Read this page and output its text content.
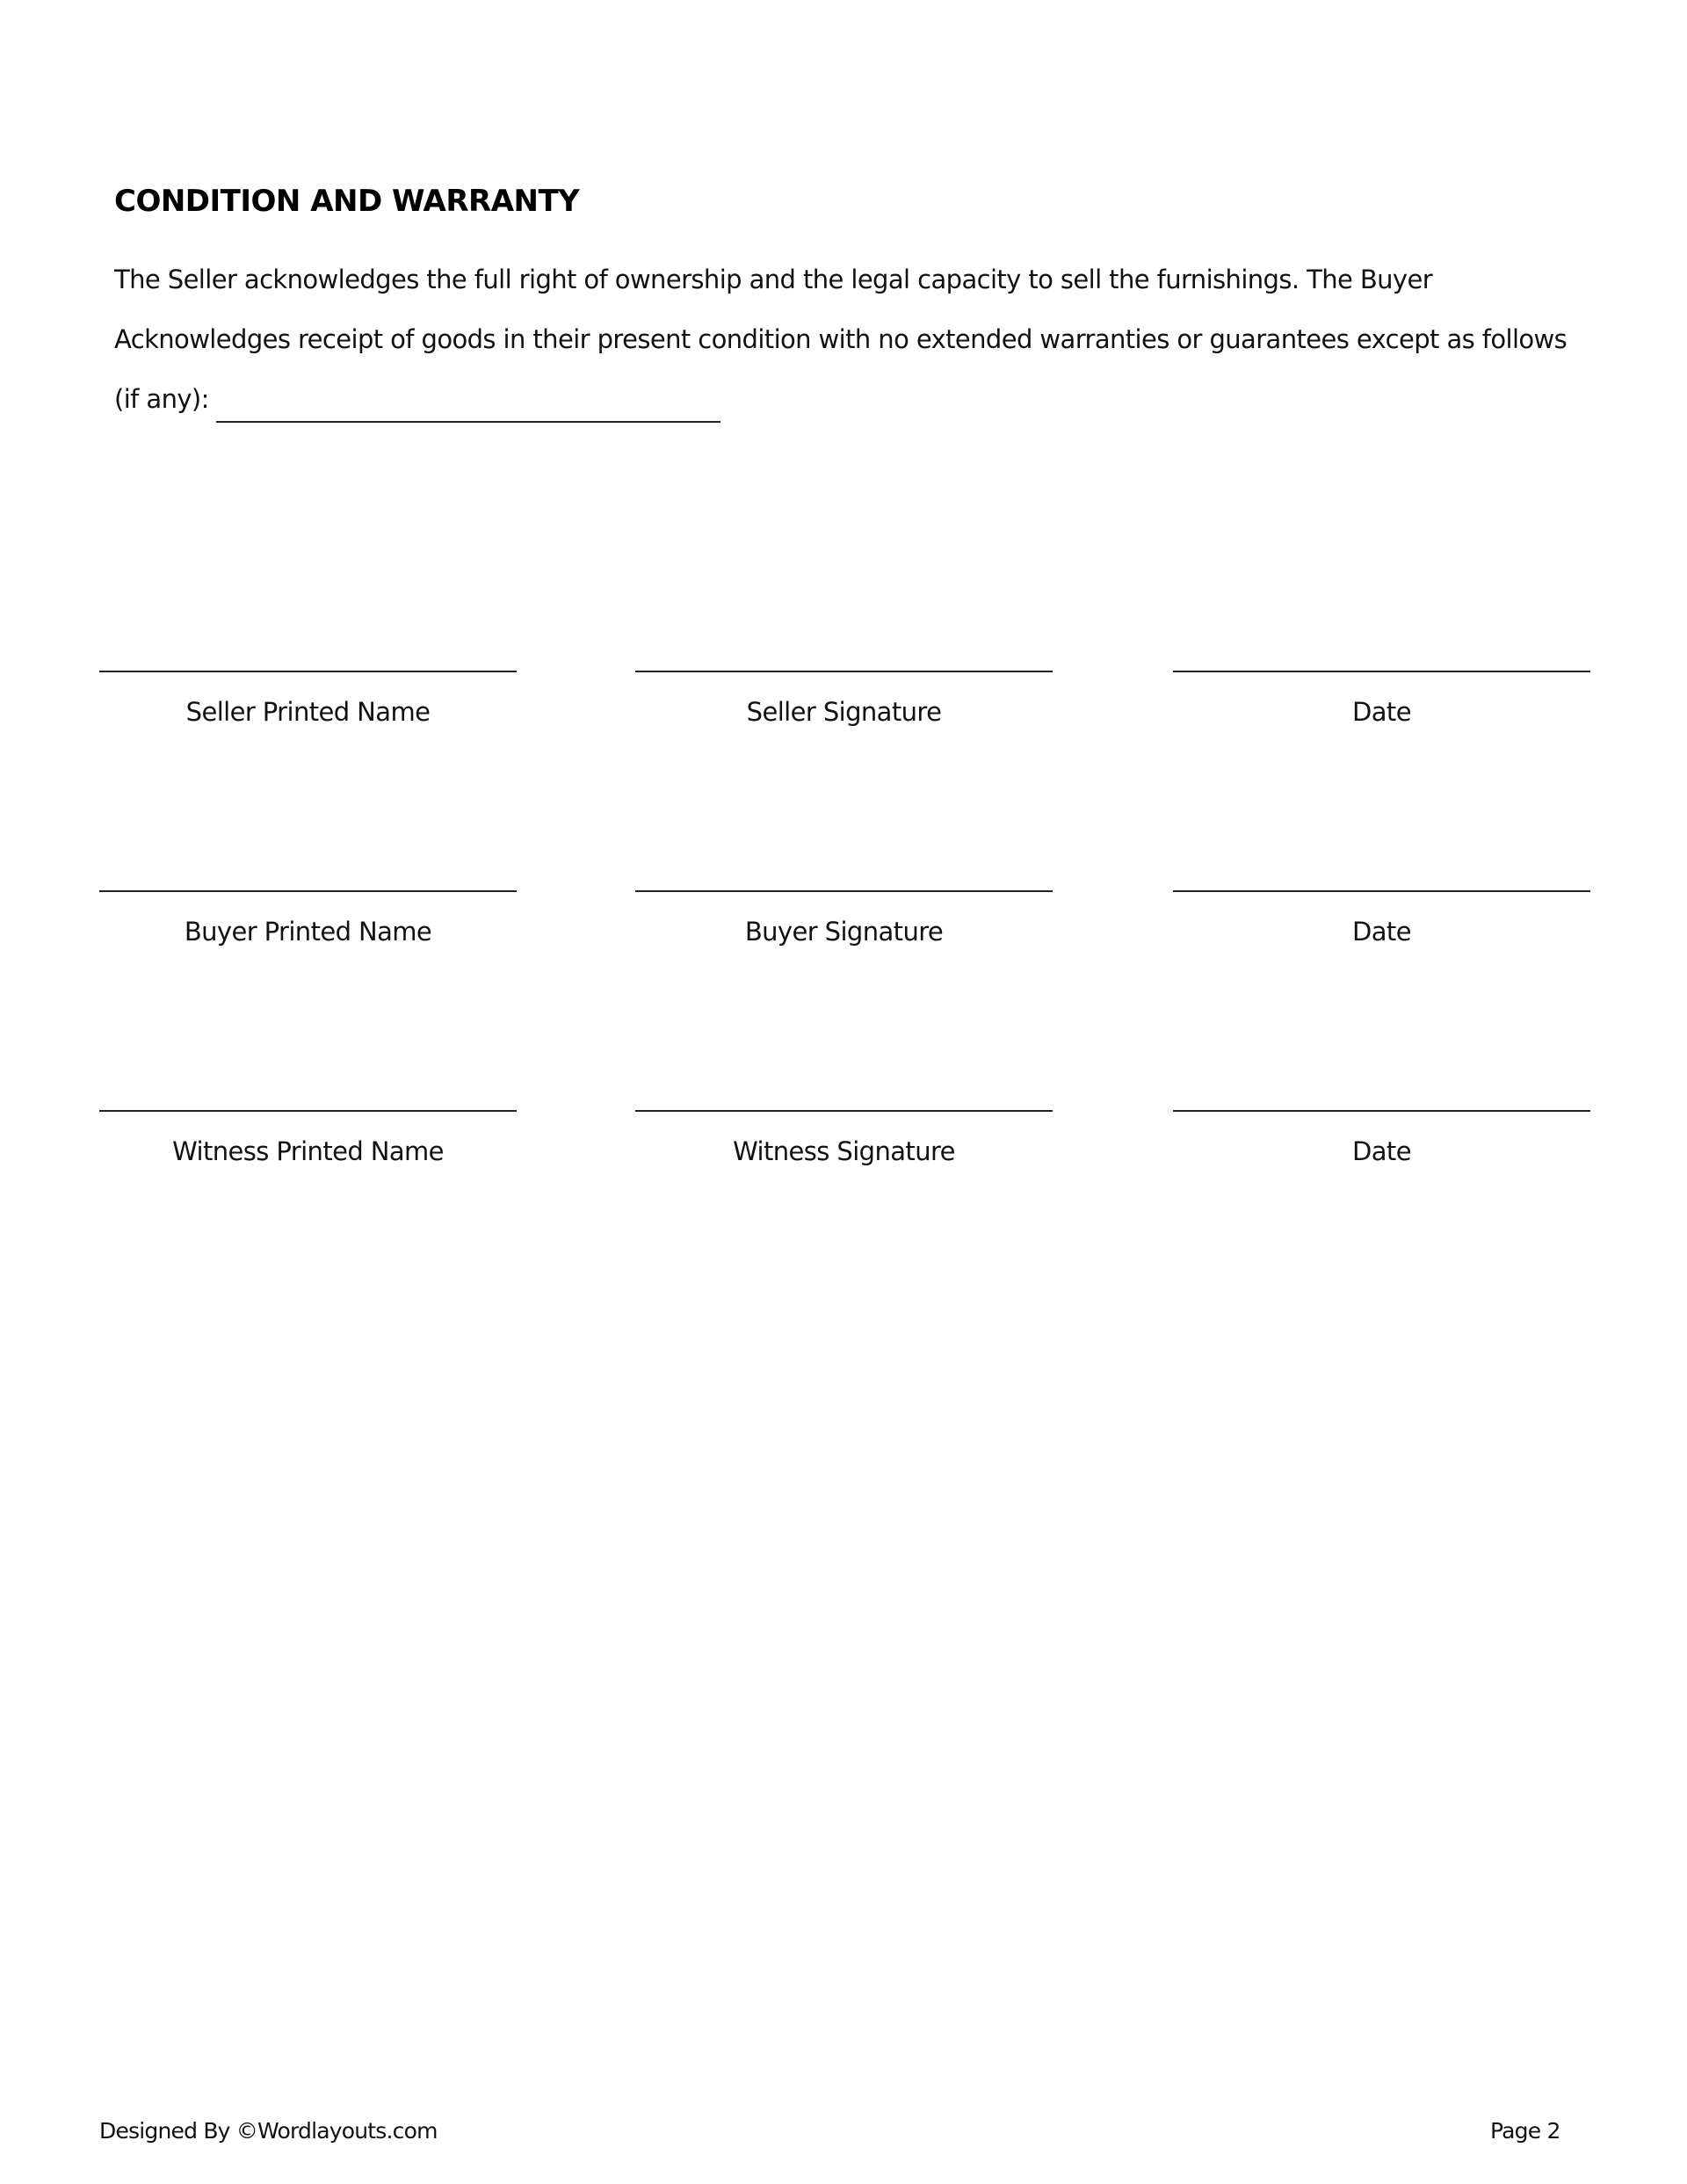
CONDITION AND WARRANTY
The Seller acknowledges the full right of ownership and the legal capacity to sell the furnishings. The Buyer
Acknowledges receipt of goods in their present condition with no extended warranties or guarantees except as follows
(if any):
Seller Printed Name	Seller Signature	Date
Buyer Printed Name	Buyer Signature	Date
Witness Printed Name	Witness Signature	Date
Designed By ©Wordlayouts.com	Page 2
